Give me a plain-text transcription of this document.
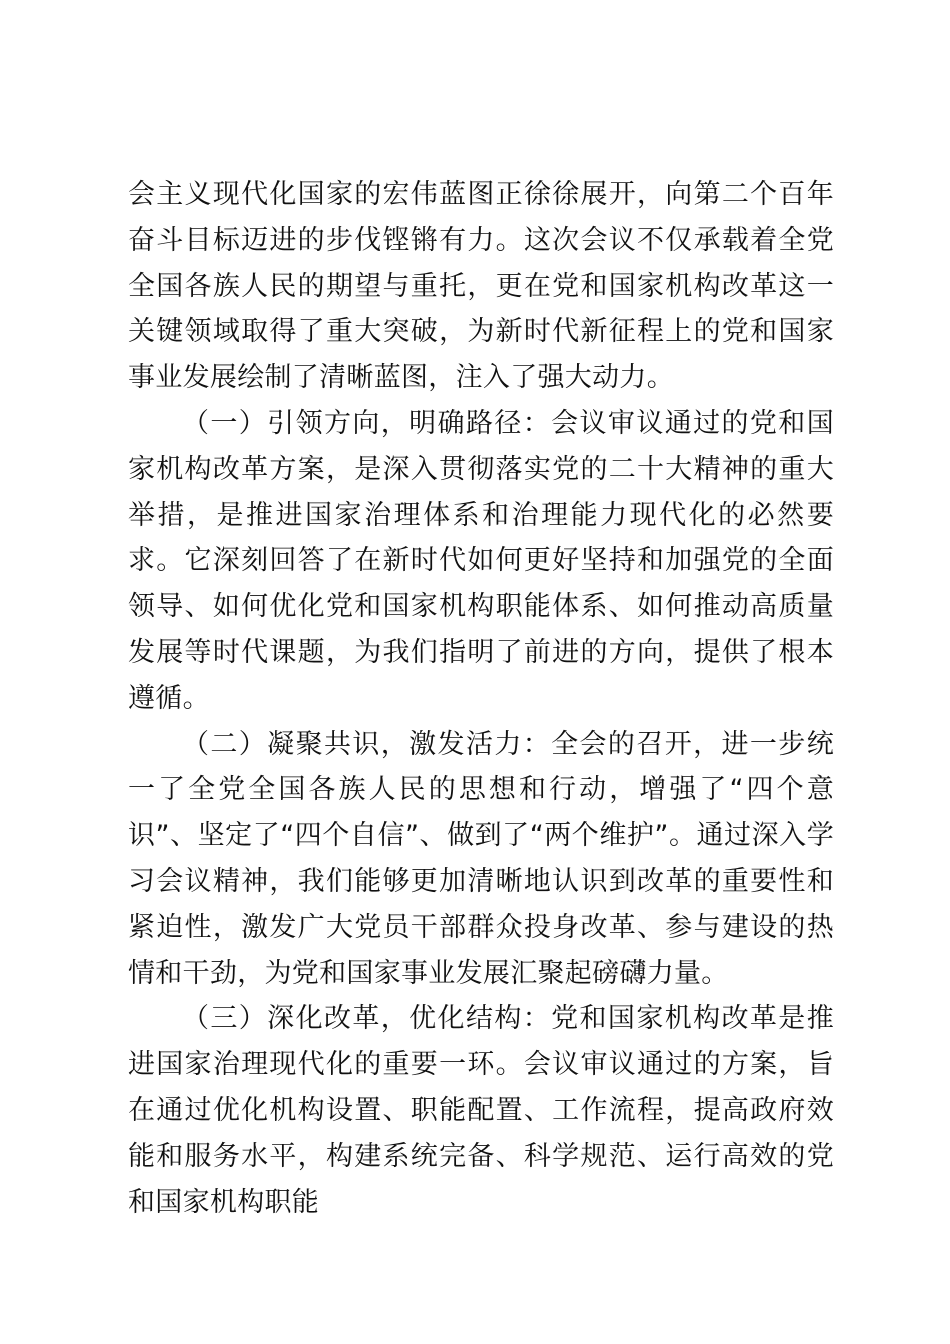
会主义现代化国家的宏伟蓝图正徐徐展开，向第二个百年奋斗目标迈进的步伐铿锵有力。这次会议不仅承载着全党全国各族人民的期望与重托，更在党和国家机构改革这一关键领域取得了重大突破，为新时代新征程上的党和国家事业发展绘制了清晰蓝图，注入了强大动力。

（一）引领方向，明确路径：会议审议通过的党和国家机构改革方案，是深入贯彻落实党的二十大精神的重大举措，是推进国家治理体系和治理能力现代化的必然要求。它深刻回答了在新时代如何更好坚持和加强党的全面领导、如何优化党和国家机构职能体系、如何推动高质量发展等时代课题，为我们指明了前进的方向，提供了根本遵循。

（二）凝聚共识，激发活力：全会的召开，进一步统一了全党全国各族人民的思想和行动，增强了“四个意识”、坚定了“四个自信”、做到了“两个维护”。通过深入学习会议精神，我们能够更加清晰地认识到改革的重要性和紧迫性，激发广大党员干部群众投身改革、参与建设的热情和干劲，为党和国家事业发展汇聚起磅礴力量。

（三）深化改革，优化结构：党和国家机构改革是推进国家治理现代化的重要一环。会议审议通过的方案，旨在通过优化机构设置、职能配置、工作流程，提高政府效能和服务水平，构建系统完备、科学规范、运行高效的党和国家机构职能
